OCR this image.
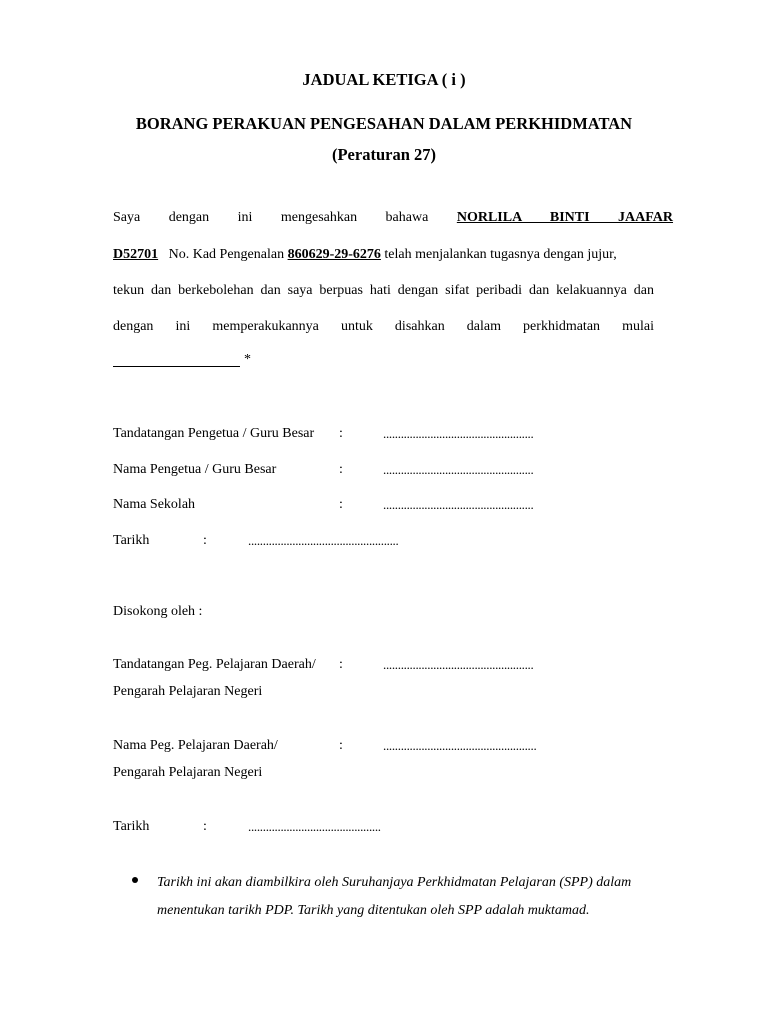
JADUAL KETIGA ( i )
BORANG PERAKUAN PENGESAHAN DALAM PERKHIDMATAN
(Peraturan 27)
Saya dengan ini mengesahkan bahawa NORLILA BINTI JAAFAR
D52701 No. Kad Pengenalan 860629-29-6276 telah menjalankan tugasnya dengan jujur,
tekun dan berkebolehan dan saya berpuas hati dengan sifat peribadi dan kelakuannya dan
dengan ini memperakukannya untuk disahkan dalam perkhidmatan mulai
*
Tandatangan Pengetua / Guru Besar :	...................................................
Nama Pengetua / Guru Besar	:	...................................................
Nama Sekolah	:	...................................................
Tarikh	:	...................................................
Disokong oleh :
Tandatangan Peg. Pelajaran Daerah/ :	...................................................
Pengarah Pelajaran Negeri
Nama Peg. Pelajaran Daerah/	:	....................................................
Pengarah Pelajaran Negeri
Tarikh	:	.............................................
Tarikh ini akan diambilkira oleh Suruhanjaya Perkhidmatan Pelajaran (SPP) dalam menentukan tarikh PDP. Tarikh yang ditentukan oleh SPP adalah muktamad.
